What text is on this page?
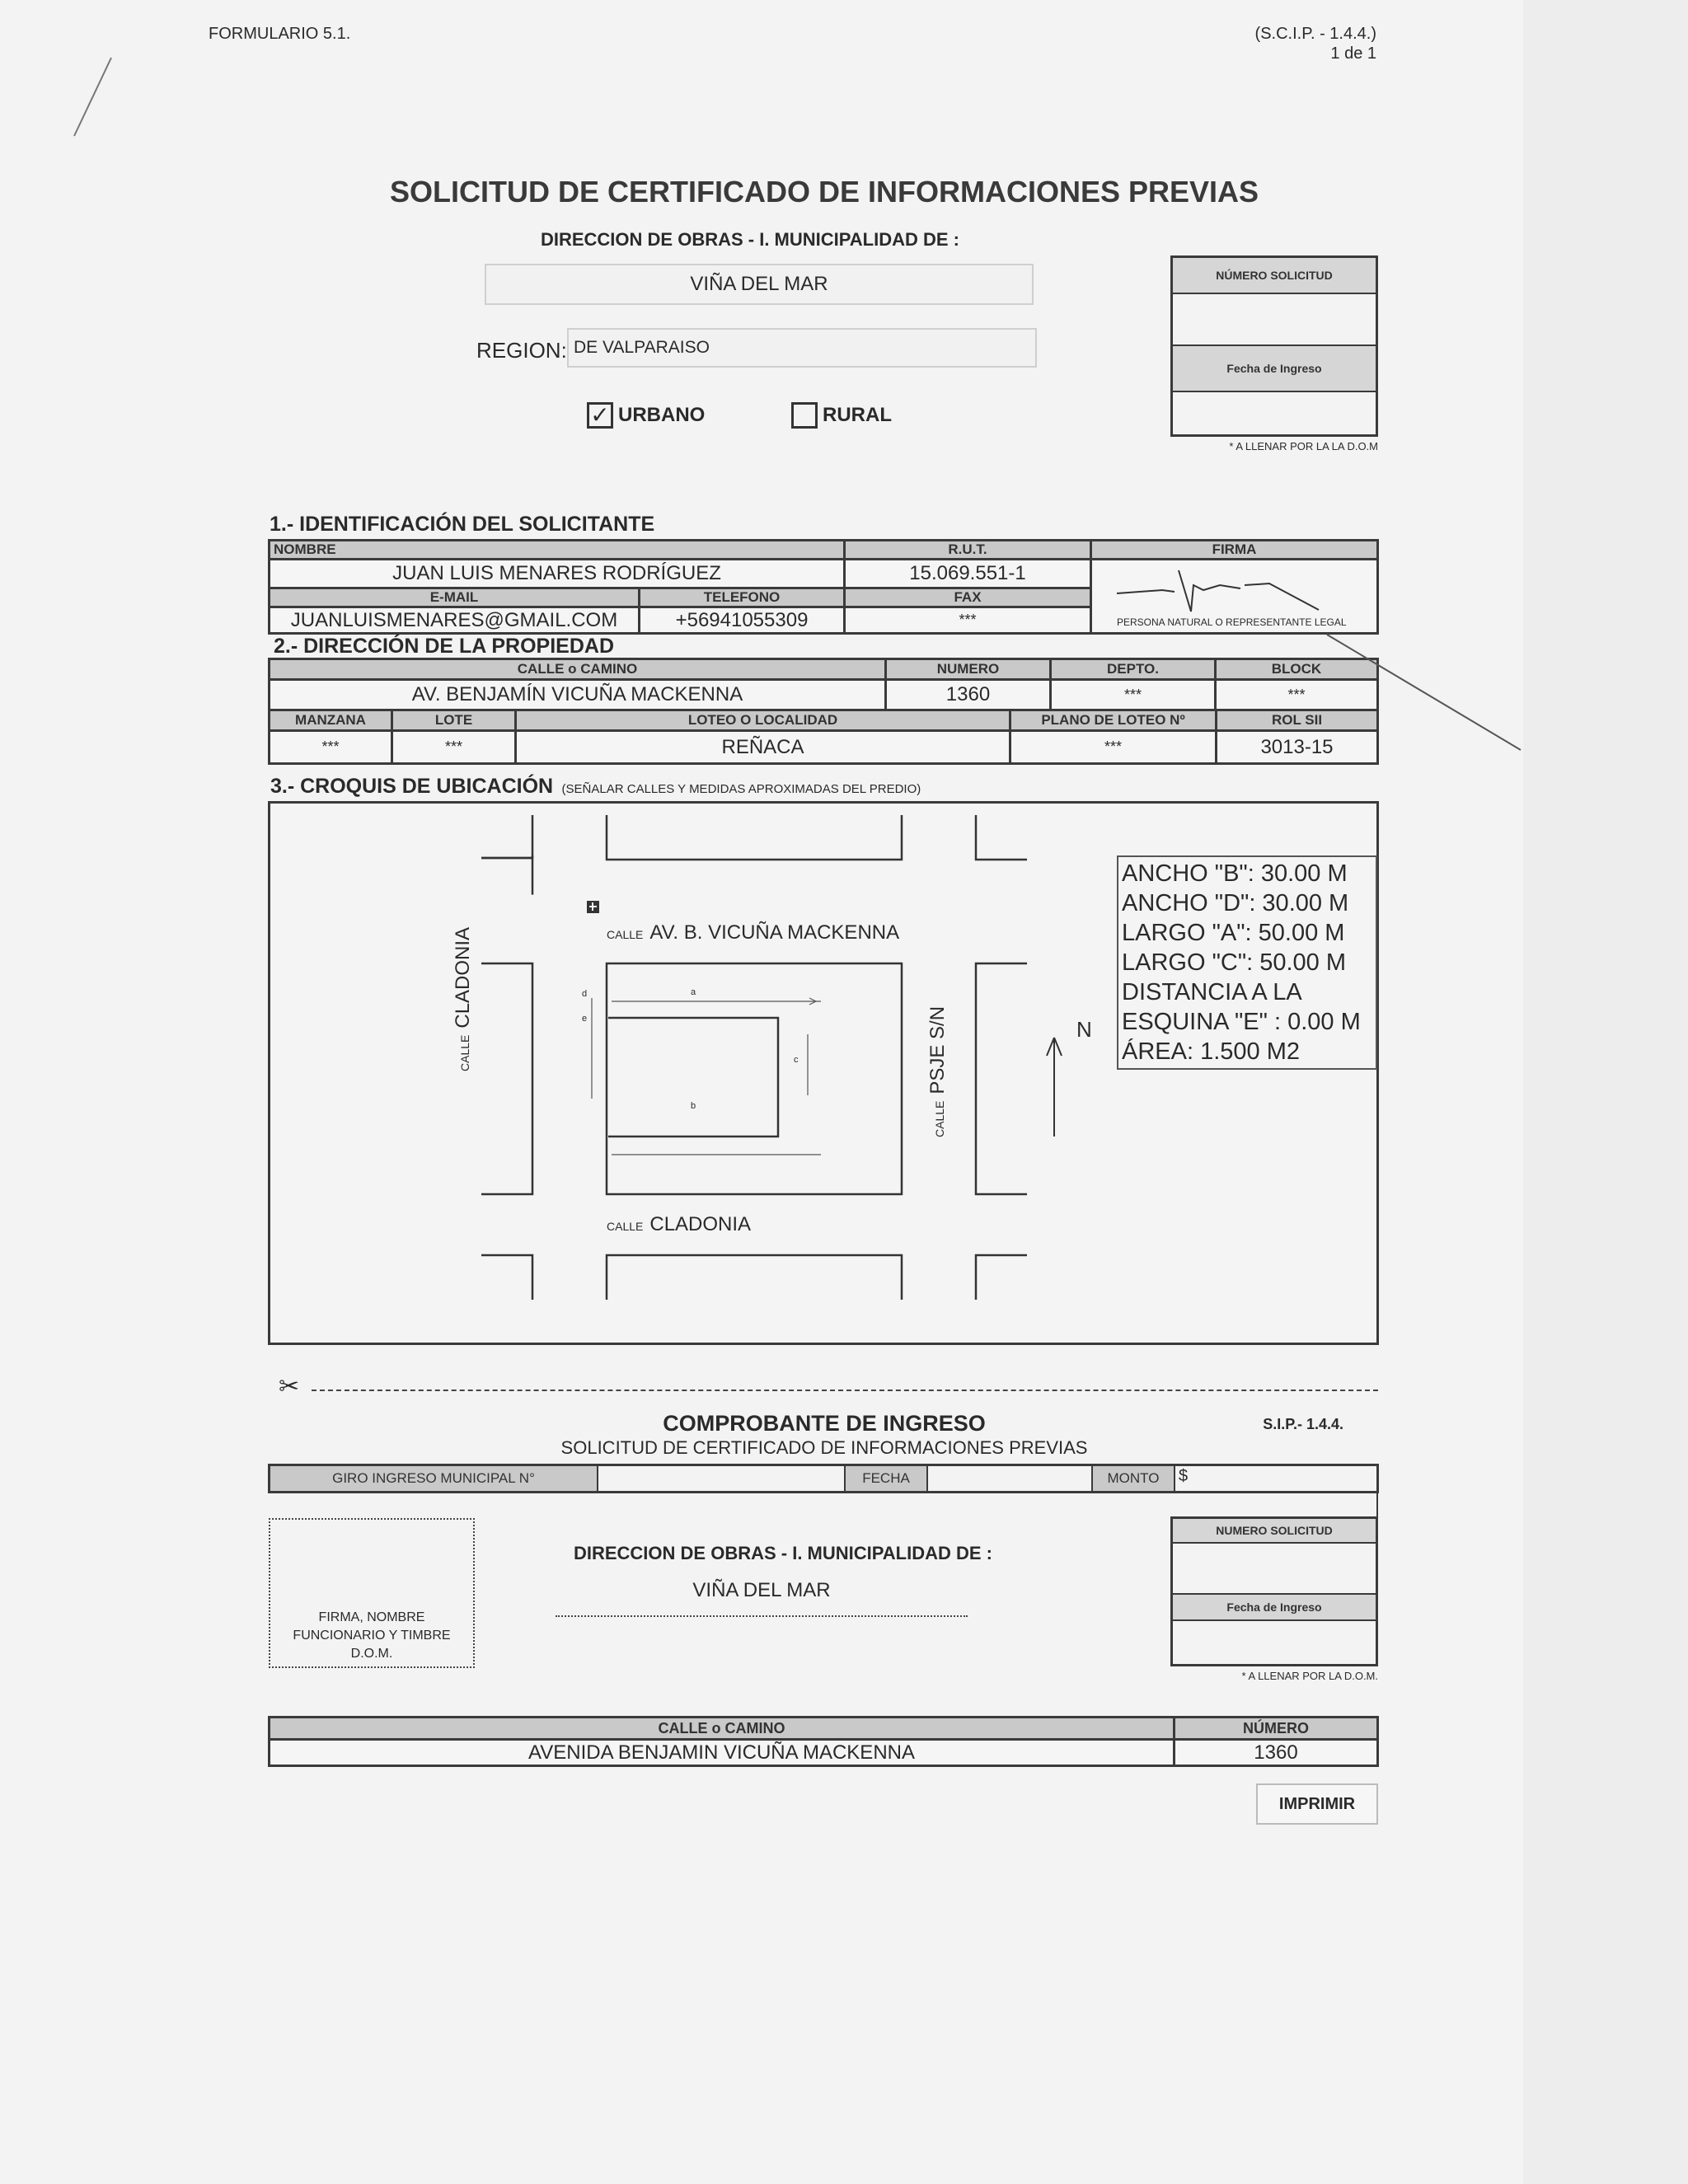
FORMULARIO 5.1.	(S.C.I.P. - 1.4.4.)
1 de 1
SOLICITUD DE CERTIFICADO DE INFORMACIONES PREVIAS
DIRECCION DE OBRAS - I. MUNICIPALIDAD DE :
VIÑA DEL MAR
REGION: DE VALPARAISO
✓ URBANO	RURAL
NÚMERO SOLICITUD
Fecha de Ingreso
* A LLENAR POR LA LA D.O.M
1.- IDENTIFICACIÓN DEL SOLICITANTE
NOMBRE	R.U.T.	FIRMA
JUAN LUIS MENARES RODRÍGUEZ	15.069.551-1
PERSONA NATURAL O REPRESENTANTE LEGAL
E-MAIL	TELEFONO	FAX
JUANLUISMENARES@GMAIL.COM	+56941055309	***
2.- DIRECCIÓN DE LA PROPIEDAD
CALLE o CAMINO	NUMERO	DEPTO.	BLOCK
AV. BENJAMÍN VICUÑA MACKENNA	1360	***	***
MANZANA	LOTE	LOTEO O LOCALIDAD	PLANO DE LOTEO Nº	ROL SII
***	***	REÑACA	***	3013-15
3.- CROQUIS DE UBICACIÓN (SEÑALAR CALLES Y MEDIDAS APROXIMADAS DEL PREDIO)
a
b
c
d
e
CALLE AV. B. VICUÑA MACKENNA
CALLE CLADONIA
CALLECLADONIA
CALLEPSJE S/N	N
ANCHO "B": 30.00 M
ANCHO "D": 30.00 M
LARGO "A": 50.00 M
LARGO "C": 50.00 M
DISTANCIA A LA
ESQUINA "E" : 0.00 M
ÁREA: 1.500 M2
✂
COMPROBANTE DE INGRESO
SOLICITUD DE CERTIFICADO DE INFORMACIONES PREVIAS
S.I.P.- 1.4.4.
GIRO INGRESO MUNICIPAL N°	FECHA	MONTO	$
FIRMA, NOMBRE
FUNCIONARIO Y TIMBRE
D.O.M.
DIRECCION DE OBRAS - I. MUNICIPALIDAD DE :
VIÑA DEL MAR
NUMERO SOLICITUD
Fecha de Ingreso
* A LLENAR POR LA D.O.M.
CALLE o CAMINO	NÚMERO
AVENIDA BENJAMIN VICUÑA MACKENNA	1360
IMPRIMIR
